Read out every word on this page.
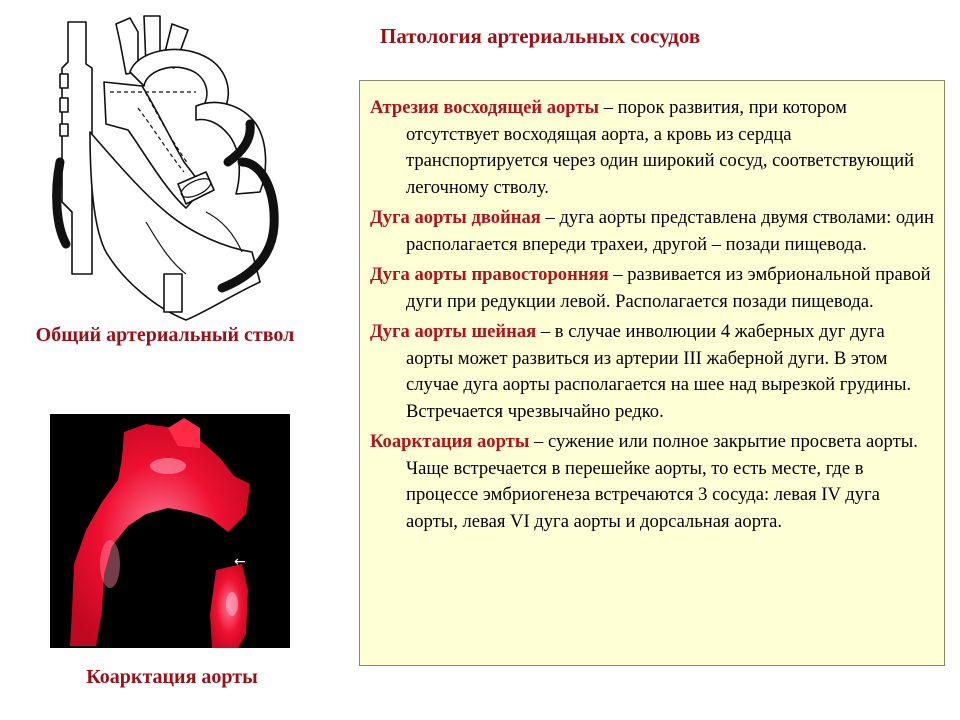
Патология артериальных сосудов
Общий артериальный ствол
←
Коарктация аорты

Атрезия восходящей аорты – порок развития, при котором отсутствует восходящая аорта, а кровь из сердца транспортируется через один широкий сосуд, соответствующий легочному стволу.

Дуга аорты двойная – дуга аорты представлена двумя стволами: один располагается впереди трахеи, другой – позади пищевода.

Дуга аорты правосторонняя – развивается из эмбриональной правой дуги при редукции левой. Располагается позади пищевода.

Дуга аорты шейная – в случае инволюции 4 жаберных дуг дуга аорты может развиться из артерии III жаберной дуги. В этом случае дуга аорты располагается на шее над вырезкой грудины. Встречается чрезвычайно редко.

Коарктация аорты – сужение или полное закрытие просвета аорты. Чаще встречается в перешейке аорты, то есть месте, где в процессе эмбриогенеза встречаются 3 сосуда: левая IV дуга аорты, левая VI дуга аорты и дорсальная аорта.
